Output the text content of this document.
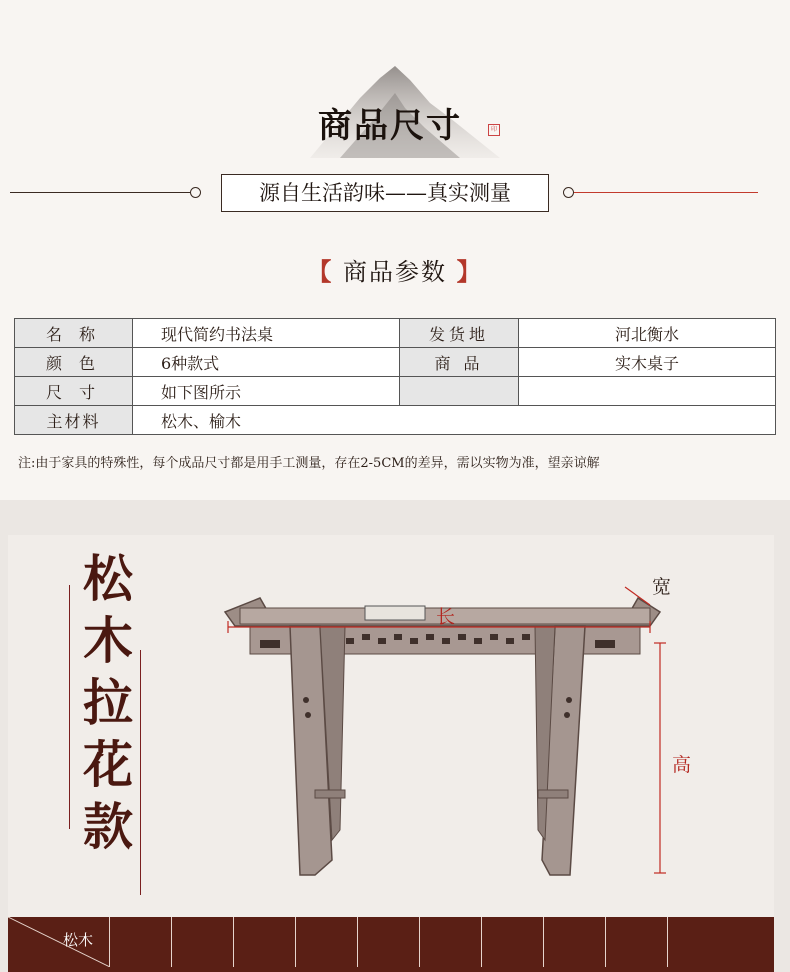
商品尺寸	印
源自生活韵味——真实测量
【 商品参数 】
名 称	现代简约书法桌	发货地	河北衡水
颜 色	6种款式	商 品	实木桌子
尺 寸	如下图所示		
主材料	松木、榆木		
注:由于家具的特殊性，每个成品尺寸都是用手工测量，存在2-5CM的差异，需以实物为准，望亲谅解
松木拉花款
长
宽
高
松木
